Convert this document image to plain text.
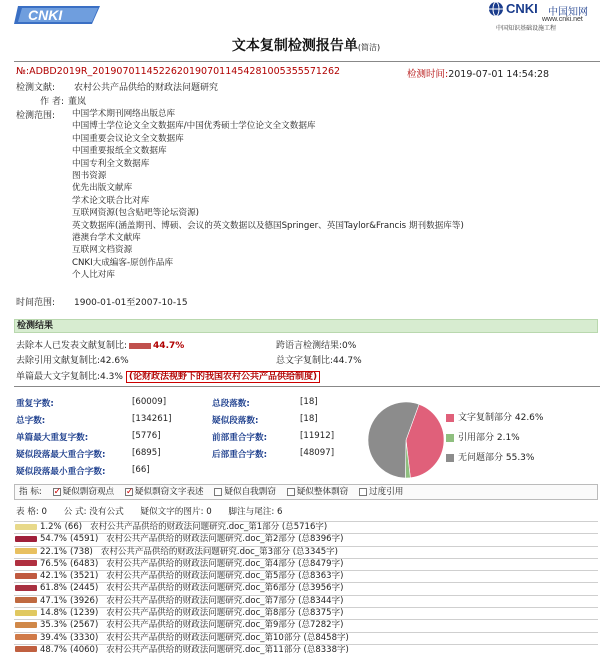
CNKI	CNKI 中国知网
www.cnki.net
中国知识基础设施工程
文本复制检测报告单(简洁)
№:ADBD2019R_2019070114522620190701145428100535557126​2	检测时间:2019-07-01 14:54:28
检测文献: 农村公共产品供给的财政法问题研究
作 者: 董岚
检测范围:	中国学术期刊网络出版总库
中国博士学位论文全文数据库/中国优秀硕士学位论文全文数据库
中国重要会议论文全文数据库
中国重要报纸全文数据库
中国专利全文数据库
图书资源
优先出版文献库
学术论文联合比对库
互联网资源(包含贴吧等论坛资源)
英文数据库(涵盖期刊、博硕、会议的英文数据以及德国Springer、英国Taylor&Francis 期刊数据库等)
港澳台学术文献库
互联网文档资源
CNKI大成编客-原创作品库
个人比对库
时间范围: 1900-01-01至2007-10-15
检测结果
去除本人已发表文献复制比:	44.7%	跨语言检测结果:0%
去除引用文献复制比:42.6%	总文字复制比:44.7%
单篇最大文字复制比:4.3% (论财政法视野下的我国农村公共产品供给制度)
重复字数:	[60009]	总段落数:	[18]
总字数:	[134261]	疑似段落数:	[18]
单篇最大重复字数:	[5776]	前部重合字数:	[11912]
疑似段落最大重合字数:	[6895]	后部重合字数:	[48097]
疑似段落最小重合字数:	[66]
文字复制部分 42.6%
引用部分 2.1%
无问题部分 55.3%
指 标: ✓ 疑似剽窃观点 ✓ 疑似剽窃文字表述 疑似自我剽窃 疑似整体剽窃 过度引用
表 格: 0 公 式: 没有公式 疑似文字的图片: 0 脚注与尾注: 6
1.2% (66) 农村公共产品供给的财政法问题研究.doc_第1部分 (总5716字)
54.7% (4591) 农村公共产品供给的财政法问题研究.doc_第2部分 (总8396字)
22.1% (738) 农村公共产品供给的财政法问题研究.doc_第3部分 (总3345字)
76.5% (6483) 农村公共产品供给的财政法问题研究.doc_第4部分 (总8479字)
42.1% (3521) 农村公共产品供给的财政法问题研究.doc_第5部分 (总8363字)
61.8% (2445) 农村公共产品供给的财政法问题研究.doc_第6部分 (总3956字)
47.1% (3926) 农村公共产品供给的财政法问题研究.doc_第7部分 (总8344字)
14.8% (1239) 农村公共产品供给的财政法问题研究.doc_第8部分 (总8375字)
35.3% (2567) 农村公共产品供给的财政法问题研究.doc_第9部分 (总7282字)
39.4% (3330) 农村公共产品供给的财政法问题研究.doc_第10部分 (总8458字)
48.7% (4060) 农村公共产品供给的财政法问题研究.doc_第11部分 (总8338字)
